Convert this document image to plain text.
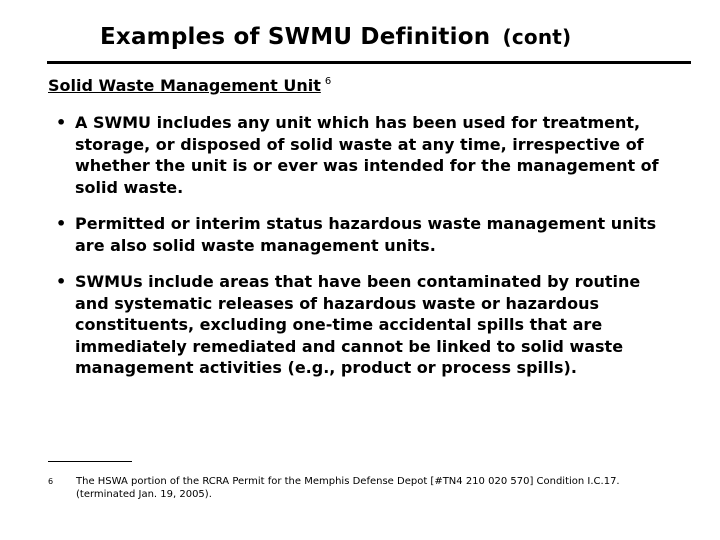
Examples of SWMU Definition (cont)
Solid Waste Management Unit $^6$
• A SWMU includes any unit which has been used for treatment, storage, or disposed of solid waste at any time, irrespective of whether the unit is or ever was intended for the management of solid waste.
• Permitted or interim status hazardous waste management units are also solid waste management units.
• SWMUs include areas that have been contaminated by routine and systematic releases of hazardous waste or hazardous constituents, excluding one-time accidental spills that are immediately remediated and cannot be linked to solid waste management activities (e.g., product or process spills).
6 The HSWA portion of the RCRA Permit for the Memphis Defense Depot [#TN4 210 020 570] Condition I.C.17. (terminated Jan. 19, 2005).
